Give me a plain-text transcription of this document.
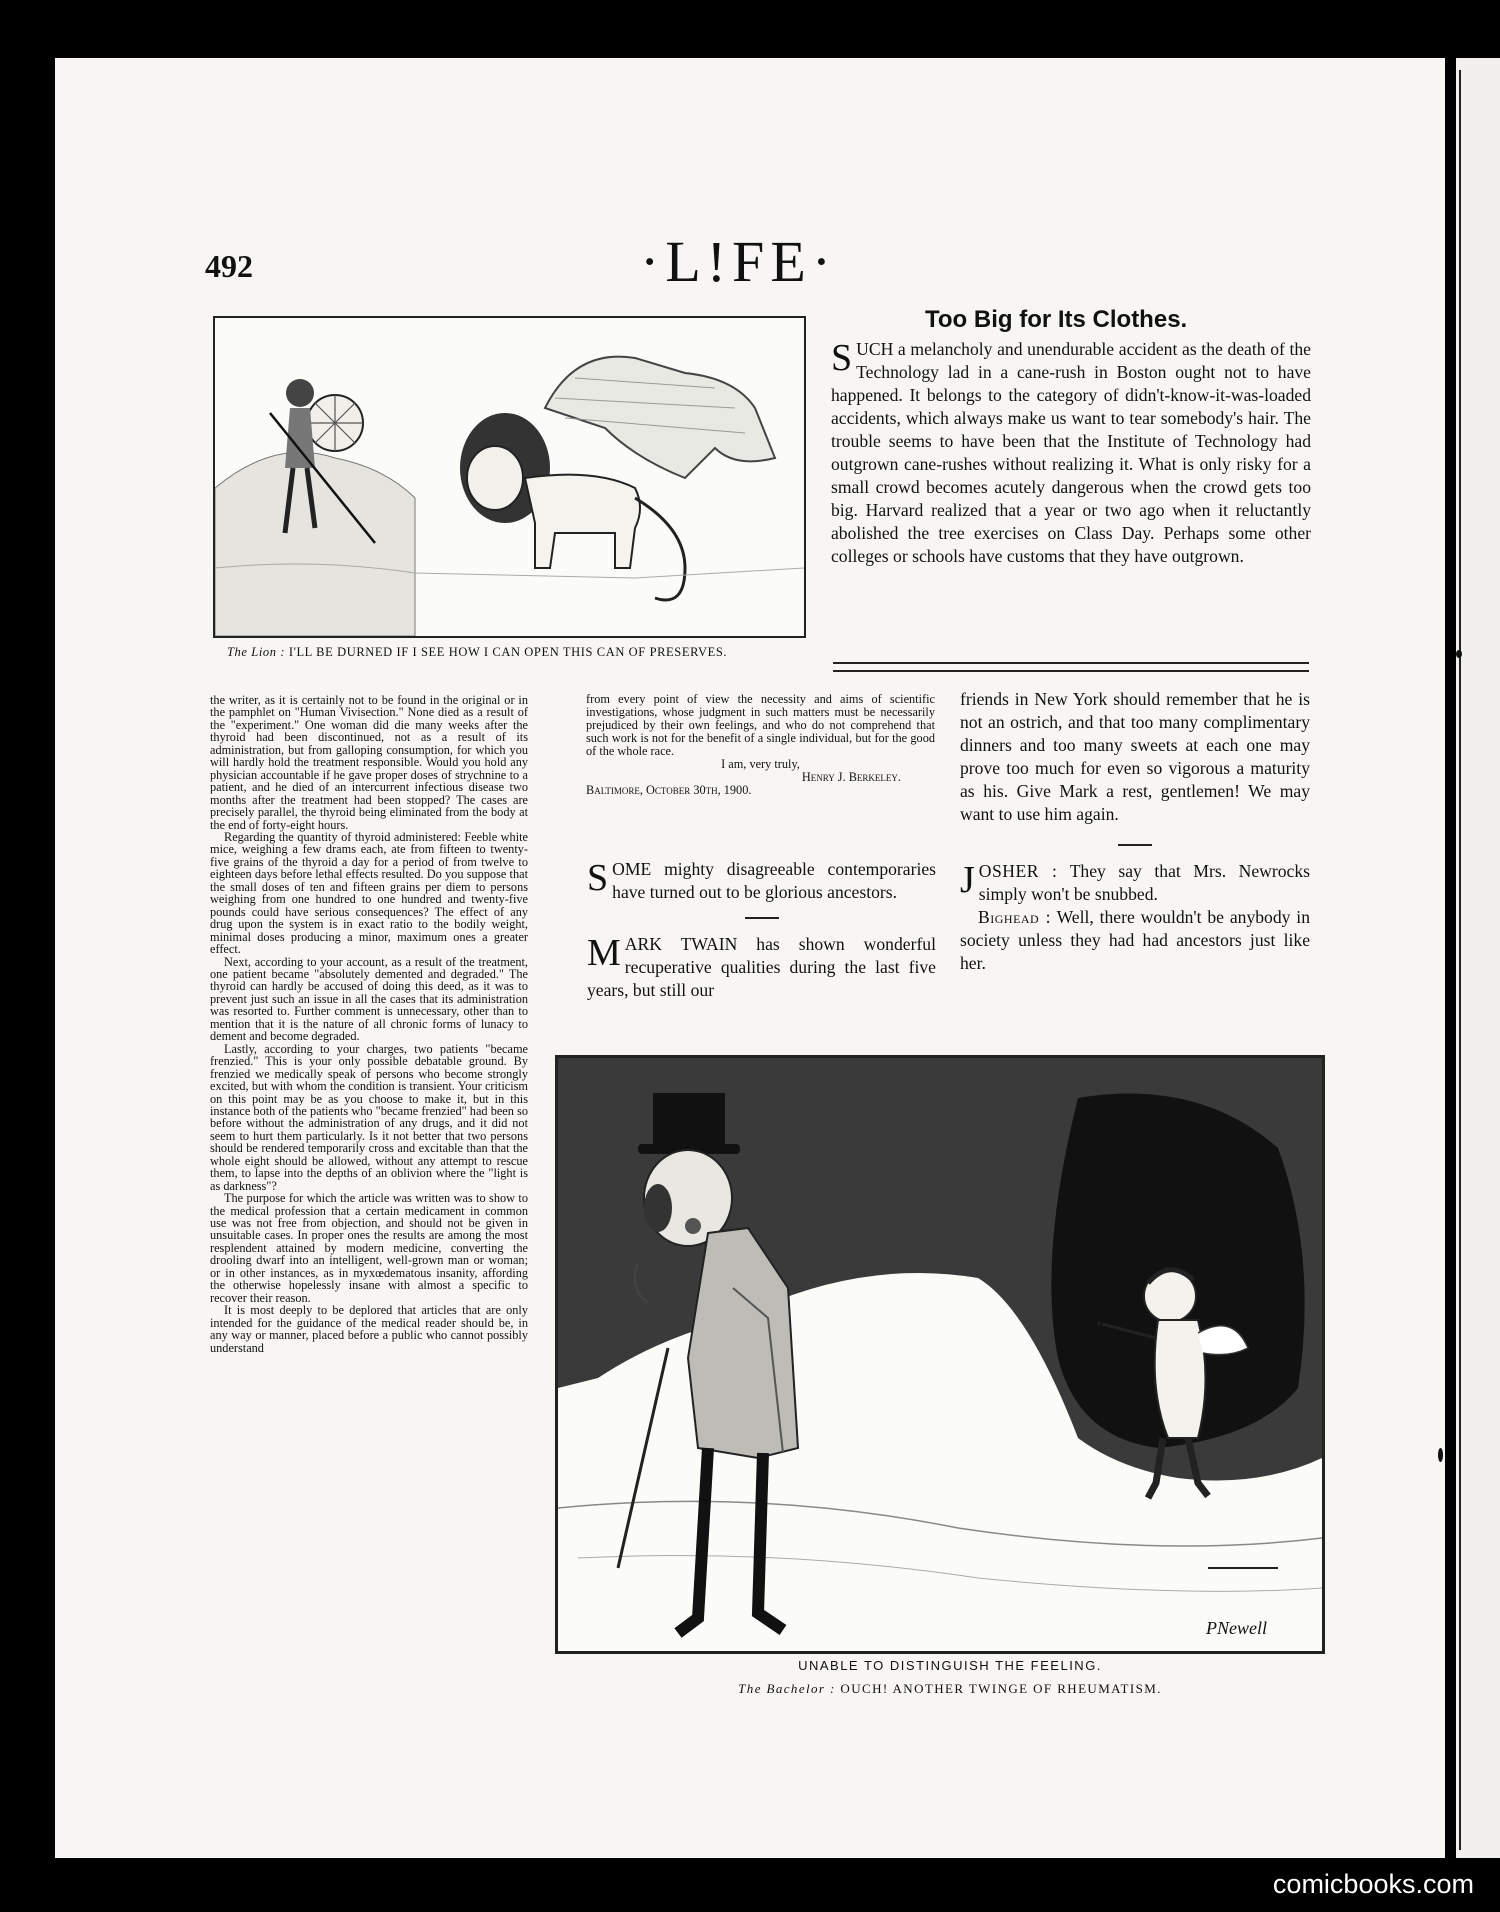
492	·L!FE·
The Lion : I'LL BE DURNED IF I SEE HOW I CAN OPEN THIS CAN OF PRESERVES.
Too Big for Its Clothes.
SUCH a melancholy and unendurable accident as the death of the Technology lad in a cane-rush in Boston ought not to have happened. It belongs to the category of didn't-know-it-was-loaded accidents, which always make us want to tear somebody's hair. The trouble seems to have been that the Institute of Technology had outgrown cane-rushes without realizing it. What is only risky for a small crowd becomes acutely dangerous when the crowd gets too big. Harvard realized that a year or two ago when it reluctantly abolished the tree exercises on Class Day. Perhaps some other colleges or schools have customs that they have outgrown.

the writer, as it is certainly not to be found in the original or in the pamphlet on "Human Vivisection." None died as a result of the "experiment." One woman did die many weeks after the thyroid had been discontinued, not as a result of its administration, but from galloping consumption, for which you will hardly hold the treatment responsible. Would you hold any physician accountable if he gave proper doses of strychnine to a patient, and he died of an intercurrent infectious disease two months after the treatment had been stopped? The cases are precisely parallel, the thyroid being eliminated from the body at the end of forty-eight hours.

Regarding the quantity of thyroid administered: Feeble white mice, weighing a few drams each, ate from fifteen to twenty-five grains of the thyroid a day for a period of from twelve to eighteen days before lethal effects resulted. Do you suppose that the small doses of ten and fifteen grains per diem to persons weighing from one hundred to one hundred and twenty-five pounds could have serious consequences? The effect of any drug upon the system is in exact ratio to the bodily weight, minimal doses producing a minor, maximum ones a greater effect.

Next, according to your account, as a result of the treatment, one patient became "absolutely demented and degraded." The thyroid can hardly be accused of doing this deed, as it was to prevent just such an issue in all the cases that its administration was resorted to. Further comment is unnecessary, other than to mention that it is the nature of all chronic forms of lunacy to dement and become degraded.

Lastly, according to your charges, two patients "became frenzied." This is your only possible debatable ground. By frenzied we medically speak of persons who become strongly excited, but with whom the condition is transient. Your criticism on this point may be as you choose to make it, but in this instance both of the patients who "became frenzied" had been so before without the administration of any drugs, and it did not seem to hurt them particularly. Is it not better that two persons should be rendered temporarily cross and excitable than that the whole eight should be allowed, without any attempt to rescue them, to lapse into the depths of an oblivion where the "light is as darkness"?

The purpose for which the article was written was to show to the medical profession that a certain medicament in common use was not free from objection, and should not be given in unsuitable cases. In proper ones the results are among the most resplendent attained by modern medicine, converting the drooling dwarf into an intelligent, well-grown man or woman; or in other instances, as in myxœdematous insanity, affording the otherwise hopelessly insane with almost a specific to recover their reason.

It is most deeply to be deplored that articles that are only intended for the guidance of the medical reader should be, in any way or manner, placed before a public who cannot possibly understand

from every point of view the necessity and aims of scientific investigations, whose judgment in such matters must be necessarily prejudiced by their own feelings, and who do not comprehend that such work is not for the benefit of a single individual, but for the good of the whole race.

I am, very truly,

Henry J. Berkeley.

Baltimore, October 30th, 1900.

SOME mighty disagreeable contemporaries have turned out to be glorious ancestors.

MARK TWAIN has shown wonderful recuperative qualities during the last five years, but still our

friends in New York should remember that he is not an ostrich, and that too many complimentary dinners and too many sweets at each one may prove too much for even so vigorous a maturity as his. Give Mark a rest, gentlemen! We may want to use him again.

JOSHER : They say that Mrs. Newrocks simply won't be snubbed.

Bighead : Well, there wouldn't be anybody in society unless they had had ancestors just like her.

PNewell

UNABLE TO DISTINGUISH THE FEELING.

The Bachelor : OUCH! ANOTHER TWINGE OF RHEUMATISM.

comicbooks.com
